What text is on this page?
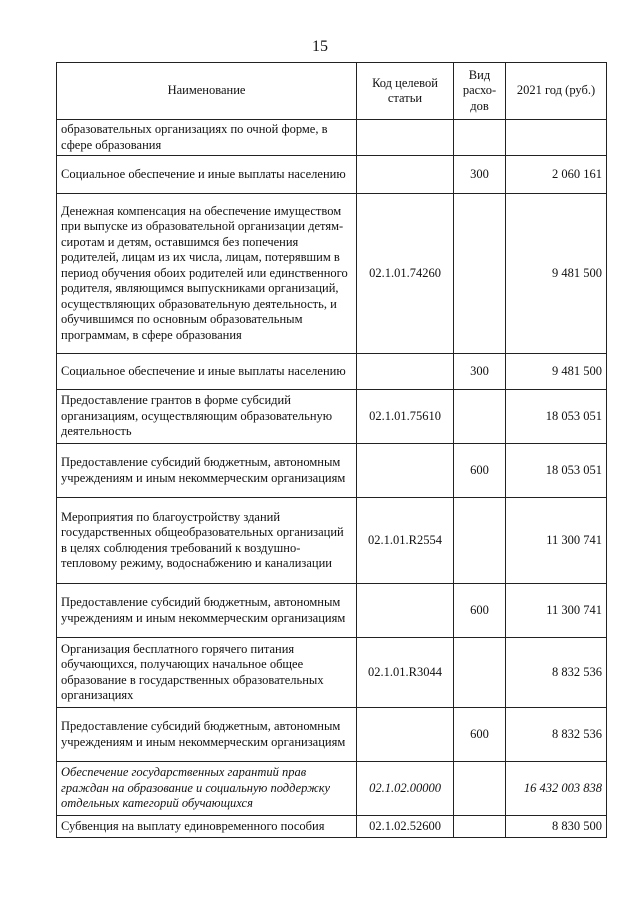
15
Наименование	Код целевой статьи	Вид расхо-дов	2021 год (руб.)
образовательных организациях по очной форме, в сфере образования			
Социальное обеспечение и иные выплаты населению		300	2 060 161
Денежная компенсация на обеспечение имуществом при выпуске из образовательной организации детям-сиротам и детям, оставшимся без попечения родителей, лицам из их числа, лицам, потерявшим в период обучения обоих родителей или единственного родителя, являющимся выпускниками организаций, осуществляющих образовательную деятельность, и обучившимся по основным образовательным программам, в сфере образования	02.1.01.74260		9 481 500
Социальное обеспечение и иные выплаты населению		300	9 481 500
Предоставление грантов в форме субсидий организациям, осуществляющим образовательную деятельность	02.1.01.75610		18 053 051
Предоставление субсидий бюджетным, автономным учреждениям и иным некоммерческим организациям		600	18 053 051
Мероприятия по благоустройству зданий государственных общеобразовательных организаций в целях соблюдения требований к воздушно-тепловому режиму, водоснабжению и канализации	02.1.01.R2554		11 300 741
Предоставление субсидий бюджетным, автономным учреждениям и иным некоммерческим организациям		600	11 300 741
Организация бесплатного горячего питания обучающихся, получающих начальное общее образование в государственных образовательных организациях	02.1.01.R3044		8 832 536
Предоставление субсидий бюджетным, автономным учреждениям и иным некоммерческим организациям		600	8 832 536
Обеспечение государственных гарантий прав граждан на образование и социальную поддержку отдельных категорий обучающихся	02.1.02.00000		16 432 003 838
Субвенция на выплату единовременного пособия	02.1.02.52600		8 830 500
